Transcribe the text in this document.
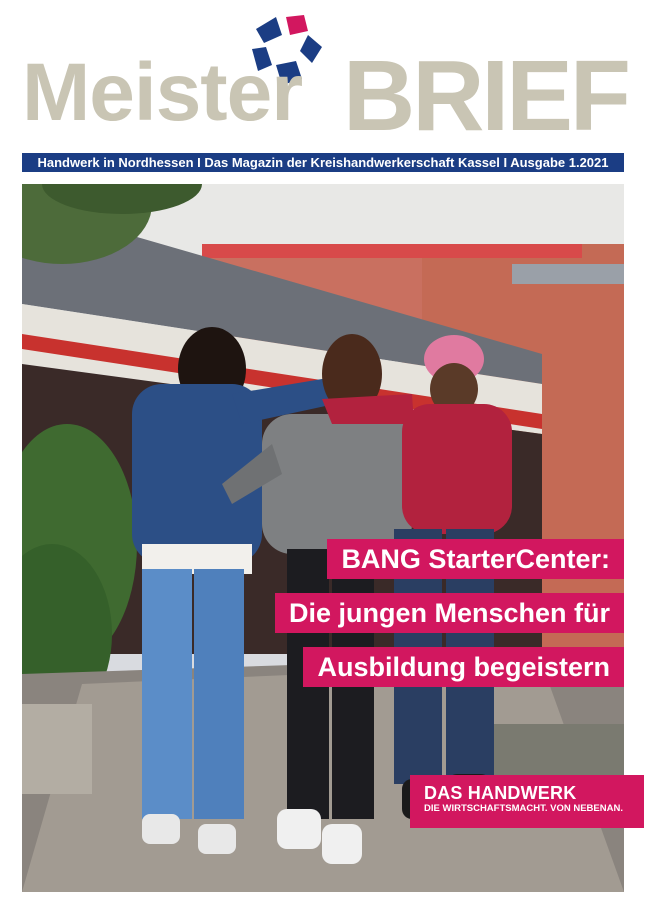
Meister BRIEF
Handwerk in Nordhessen I Das Magazin der Kreishandwerkerschaft Kassel I Ausgabe 1.2021
BANG StarterCenter:
Die jungen Menschen für
Ausbildung begeistern
DAS HANDWERK
DIE WIRTSCHAFTSMACHT. VON NEBENAN.
